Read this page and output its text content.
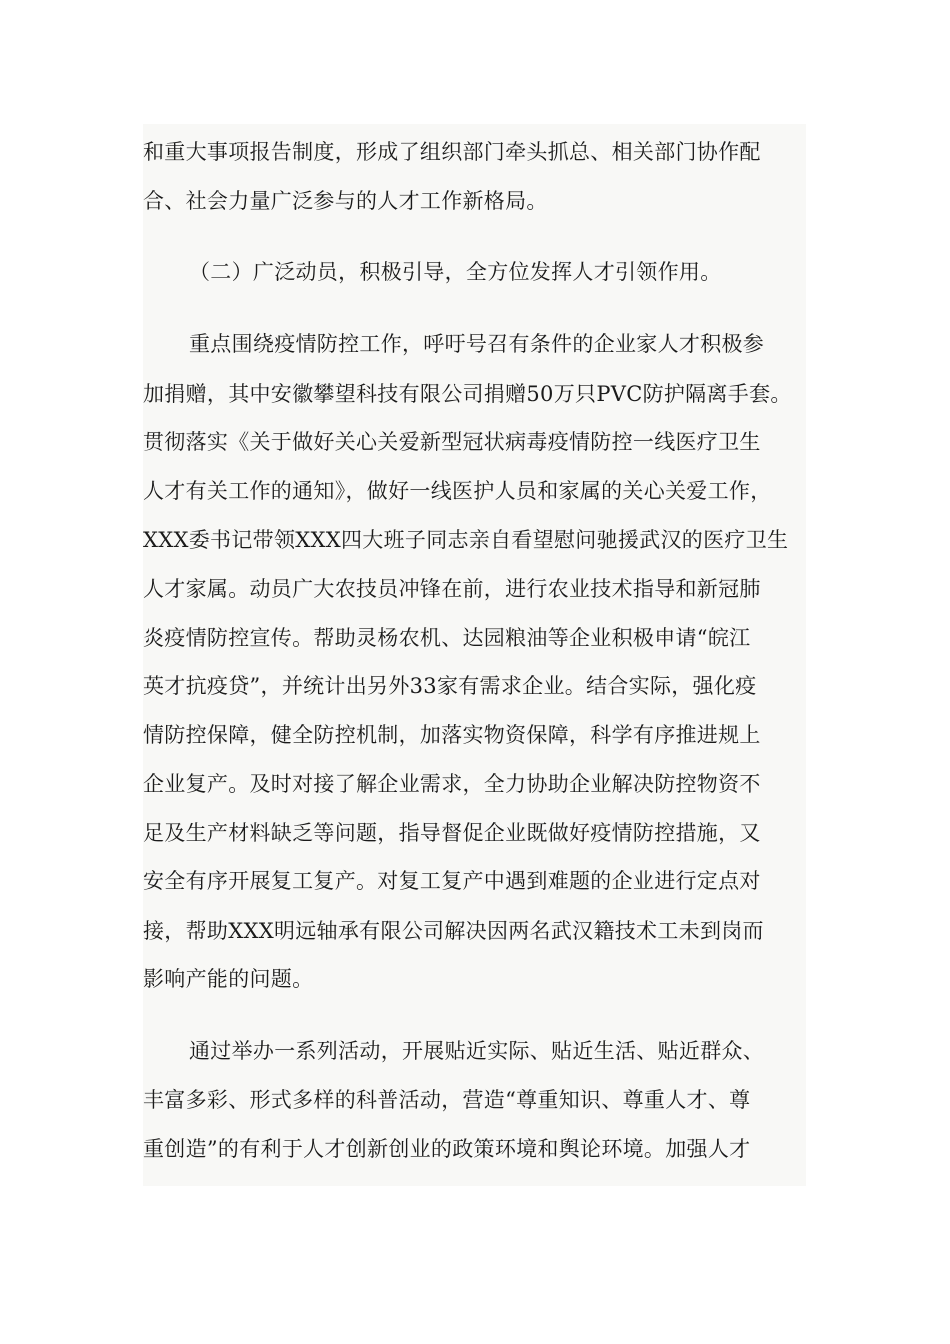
和重大事项报告制度，形成了组织部门牵头抓总、相关部门协作配
合、社会力量广泛参与的人才工作新格局。
（二）广泛动员，积极引导，全方位发挥人才引领作用。
重点围绕疫情防控工作，呼吁号召有条件的企业家人才积极参
加捐赠，其中安徽攀望科技有限公司捐赠50万只PVC防护隔离手套。
贯彻落实《关于做好关心关爱新型冠状病毒疫情防控一线医疗卫生
人才有关工作的通知》，做好一线医护人员和家属的关心关爱工作，
XXX委书记带领XXX四大班子同志亲自看望慰问驰援武汉的医疗卫生
人才家属。动员广大农技员冲锋在前，进行农业技术指导和新冠肺
炎疫情防控宣传。帮助灵杨农机、达园粮油等企业积极申请“皖江
英才抗疫贷”，并统计出另外33家有需求企业。结合实际，强化疫
情防控保障，健全防控机制，加落实物资保障，科学有序推进规上
企业复产。及时对接了解企业需求，全力协助企业解决防控物资不
足及生产材料缺乏等问题，指导督促企业既做好疫情防控措施，又
安全有序开展复工复产。对复工复产中遇到难题的企业进行定点对
接，帮助XXX明远轴承有限公司解决因两名武汉籍技术工未到岗而
影响产能的问题。
通过举办一系列活动，开展贴近实际、贴近生活、贴近群众、
丰富多彩、形式多样的科普活动，营造“尊重知识、尊重人才、尊
重创造”的有利于人才创新创业的政策环境和舆论环境。加强人才
